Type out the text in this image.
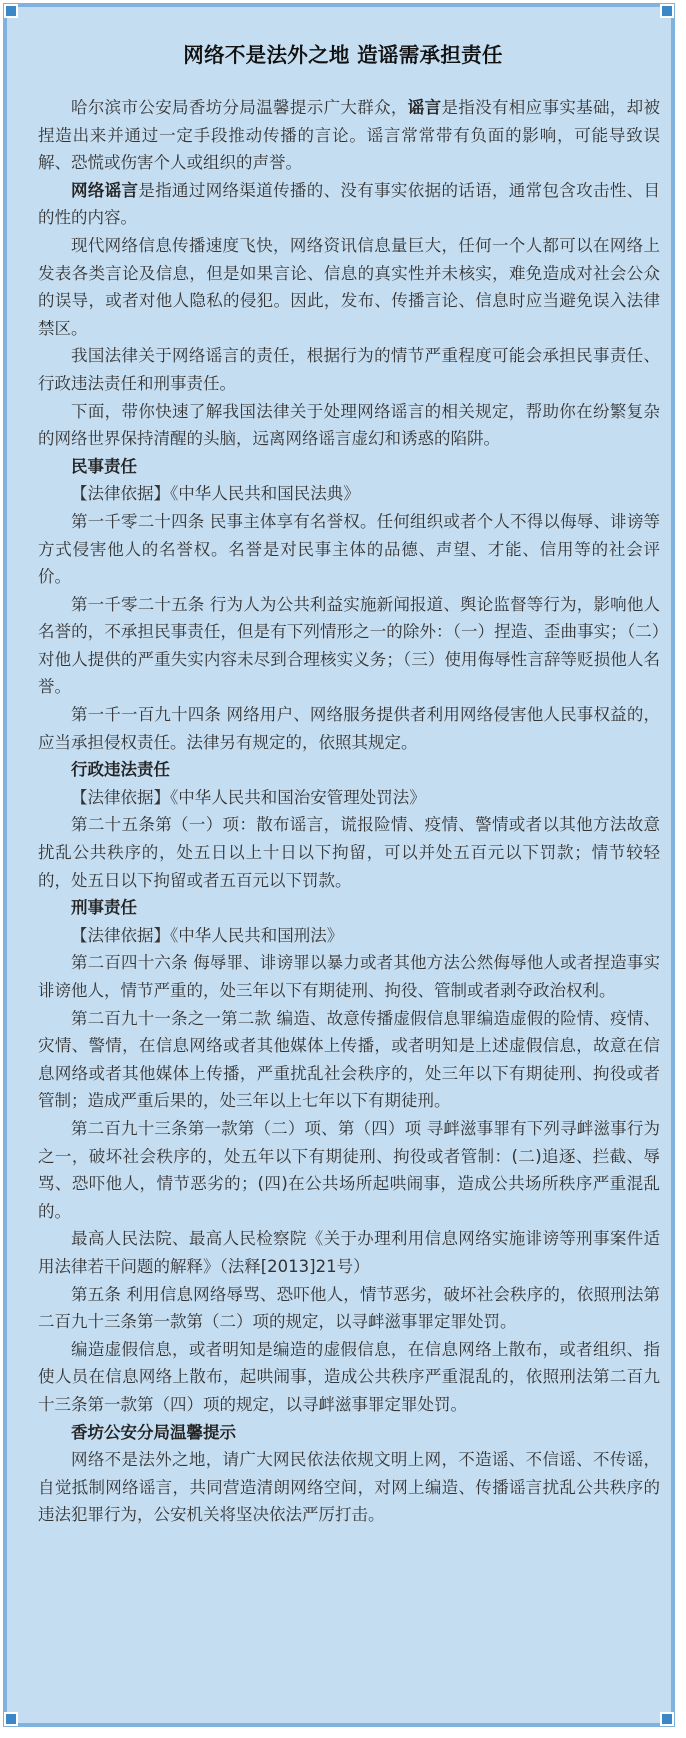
网络不是法外之地 造谣需承担责任

哈尔滨市公安局香坊分局温馨提示广大群众，谣言是指没有相应事实基础，却被捏造出来并通过一定手段推动传播的言论。谣言常常带有负面的影响，可能导致误解、恐慌或伤害个人或组织的声誉。

网络谣言是指通过网络渠道传播的、没有事实依据的话语，通常包含攻击性、目的性的内容。

现代网络信息传播速度飞快，网络资讯信息量巨大，任何一个人都可以在网络上发表各类言论及信息，但是如果言论、信息的真实性并未核实，难免造成对社会公众的误导，或者对他人隐私的侵犯。因此，发布、传播言论、信息时应当避免误入法律禁区。

我国法律关于网络谣言的责任，根据行为的情节严重程度可能会承担民事责任、行政违法责任和刑事责任。

下面，带你快速了解我国法律关于处理网络谣言的相关规定，帮助你在纷繁复杂的网络世界保持清醒的头脑，远离网络谣言虚幻和诱惑的陷阱。

民事责任

【法律依据】《中华人民共和国民法典》

第一千零二十四条 民事主体享有名誉权。任何组织或者个人不得以侮辱、诽谤等方式侵害他人的名誉权。名誉是对民事主体的品德、声望、才能、信用等的社会评价。

第一千零二十五条 行为人为公共利益实施新闻报道、舆论监督等行为，影响他人名誉的，不承担民事责任，但是有下列情形之一的除外：（一）捏造、歪曲事实；（二）对他人提供的严重失实内容未尽到合理核实义务；（三）使用侮辱性言辞等贬损他人名誉。

第一千一百九十四条 网络用户、网络服务提供者利用网络侵害他人民事权益的，应当承担侵权责任。法律另有规定的，依照其规定。

行政违法责任

【法律依据】《中华人民共和国治安管理处罚法》

第二十五条第（一）项：散布谣言，谎报险情、疫情、警情或者以其他方法故意扰乱公共秩序的，处五日以上十日以下拘留，可以并处五百元以下罚款；情节较轻的，处五日以下拘留或者五百元以下罚款。

刑事责任

【法律依据】《中华人民共和国刑法》

第二百四十六条 侮辱罪、诽谤罪以暴力或者其他方法公然侮辱他人或者捏造事实诽谤他人，情节严重的，处三年以下有期徒刑、拘役、管制或者剥夺政治权利。

第二百九十一条之一第二款 编造、故意传播虚假信息罪编造虚假的险情、疫情、灾情、警情，在信息网络或者其他媒体上传播，或者明知是上述虚假信息，故意在信息网络或者其他媒体上传播，严重扰乱社会秩序的，处三年以下有期徒刑、拘役或者管制；造成严重后果的，处三年以上七年以下有期徒刑。

第二百九十三条第一款第（二）项、第（四）项 寻衅滋事罪有下列寻衅滋事行为之一，破坏社会秩序的，处五年以下有期徒刑、拘役或者管制：(二)追逐、拦截、辱骂、恐吓他人，情节恶劣的；(四)在公共场所起哄闹事，造成公共场所秩序严重混乱的。

最高人民法院、最高人民检察院《关于办理利用信息网络实施诽谤等刑事案件适用法律若干问题的解释》（法释[2013]21号）

第五条 利用信息网络辱骂、恐吓他人，情节恶劣，破坏社会秩序的，依照刑法第二百九十三条第一款第（二）项的规定，以寻衅滋事罪定罪处罚。

编造虚假信息，或者明知是编造的虚假信息，在信息网络上散布，或者组织、指使人员在信息网络上散布，起哄闹事，造成公共秩序严重混乱的，依照刑法第二百九十三条第一款第（四）项的规定，以寻衅滋事罪定罪处罚。

香坊公安分局温馨提示

网络不是法外之地，请广大网民依法依规文明上网，不造谣、不信谣、不传谣，自觉抵制网络谣言，共同营造清朗网络空间，对网上编造、传播谣言扰乱公共秩序的违法犯罪行为，公安机关将坚决依法严厉打击。
